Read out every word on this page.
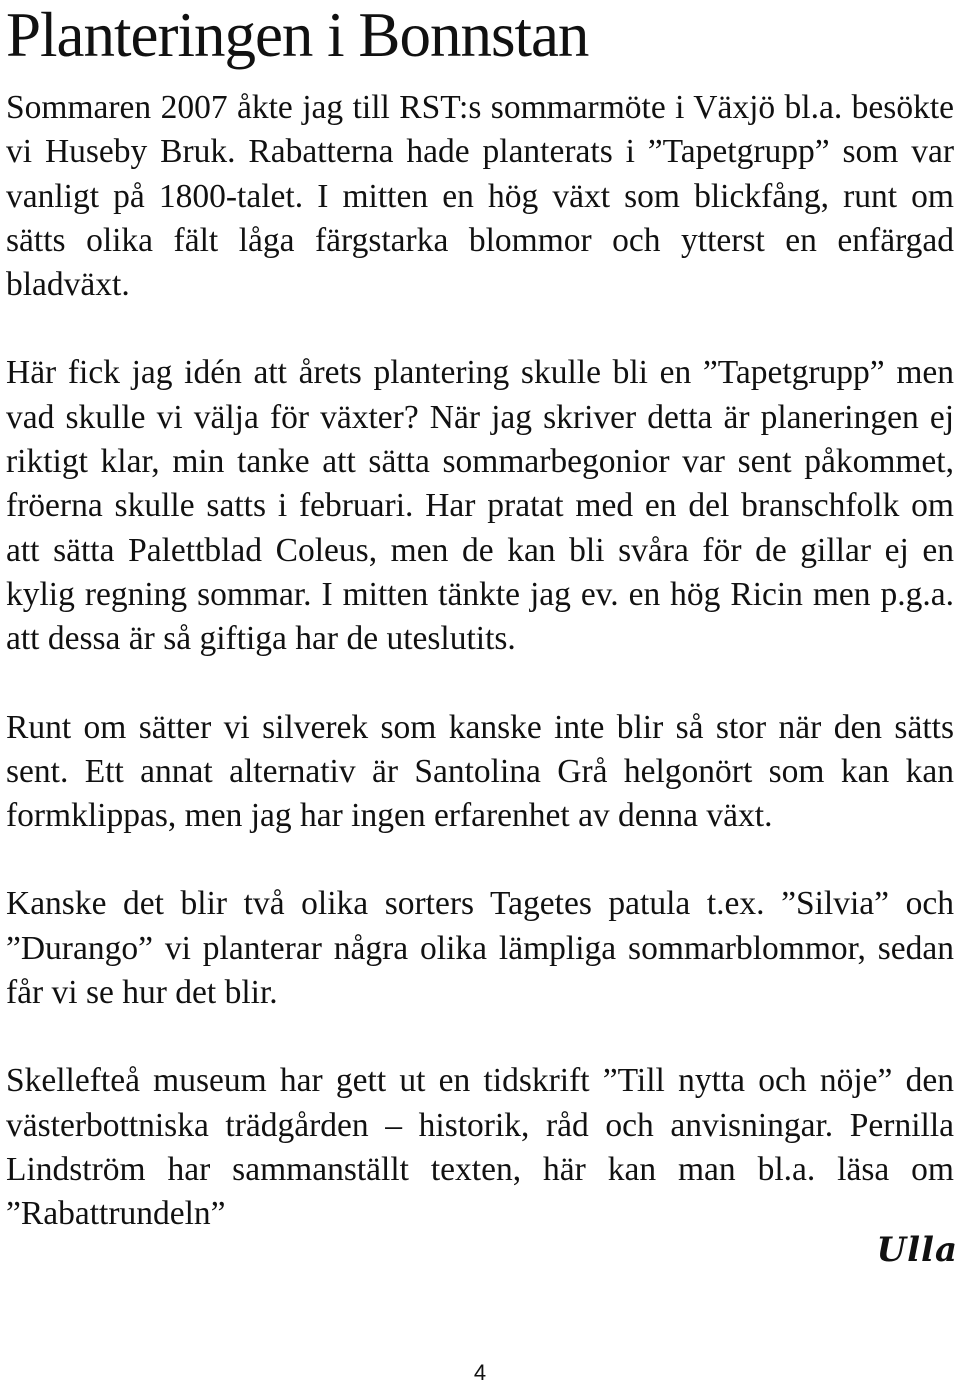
Planteringen i Bonnstan

Sommaren 2007 åkte jag till RST:s sommarmöte i Växjö bl.a. besökte vi Huseby Bruk. Rabatterna hade planterats i ”Tapetgrupp” som var vanligt på 1800-talet. I mitten en hög växt som blickfång, runt om sätts olika fält låga färgstarka blommor och ytterst en enfärgad bladväxt.

Här fick jag idén att årets plantering skulle bli en ”Tapetgrupp” men vad skulle vi välja för växter? När jag skriver detta är planeringen ej riktigt klar, min tanke att sätta sommarbegonior var sent påkommet, fröerna skulle satts i februari. Har pratat med en del branschfolk om att sätta Palettblad Coleus, men de kan bli svåra för de gillar ej en kylig regning sommar. I mitten tänkte jag ev. en hög Ricin men p.g.a. att dessa är så giftiga har de uteslutits.

Runt om sätter vi silverek som kanske inte blir så stor när den sätts sent. Ett annat alternativ är Santolina Grå helgonört som kan kan formklippas, men jag har ingen erfarenhet av denna växt.

Kanske det blir två olika sorters Tagetes patula t.ex. ”Silvia” och ”Durango” vi planterar några olika lämpliga sommarblommor, sedan får vi se hur det blir.

Skellefteå museum har gett ut en tidskrift ”Till nytta och nöje” den västerbottniska trädgården – historik, råd och anvisningar. Pernilla Lindström har sammanställt texten, här kan man bl.a. läsa om ”Rabattrundeln”

Ulla
4
